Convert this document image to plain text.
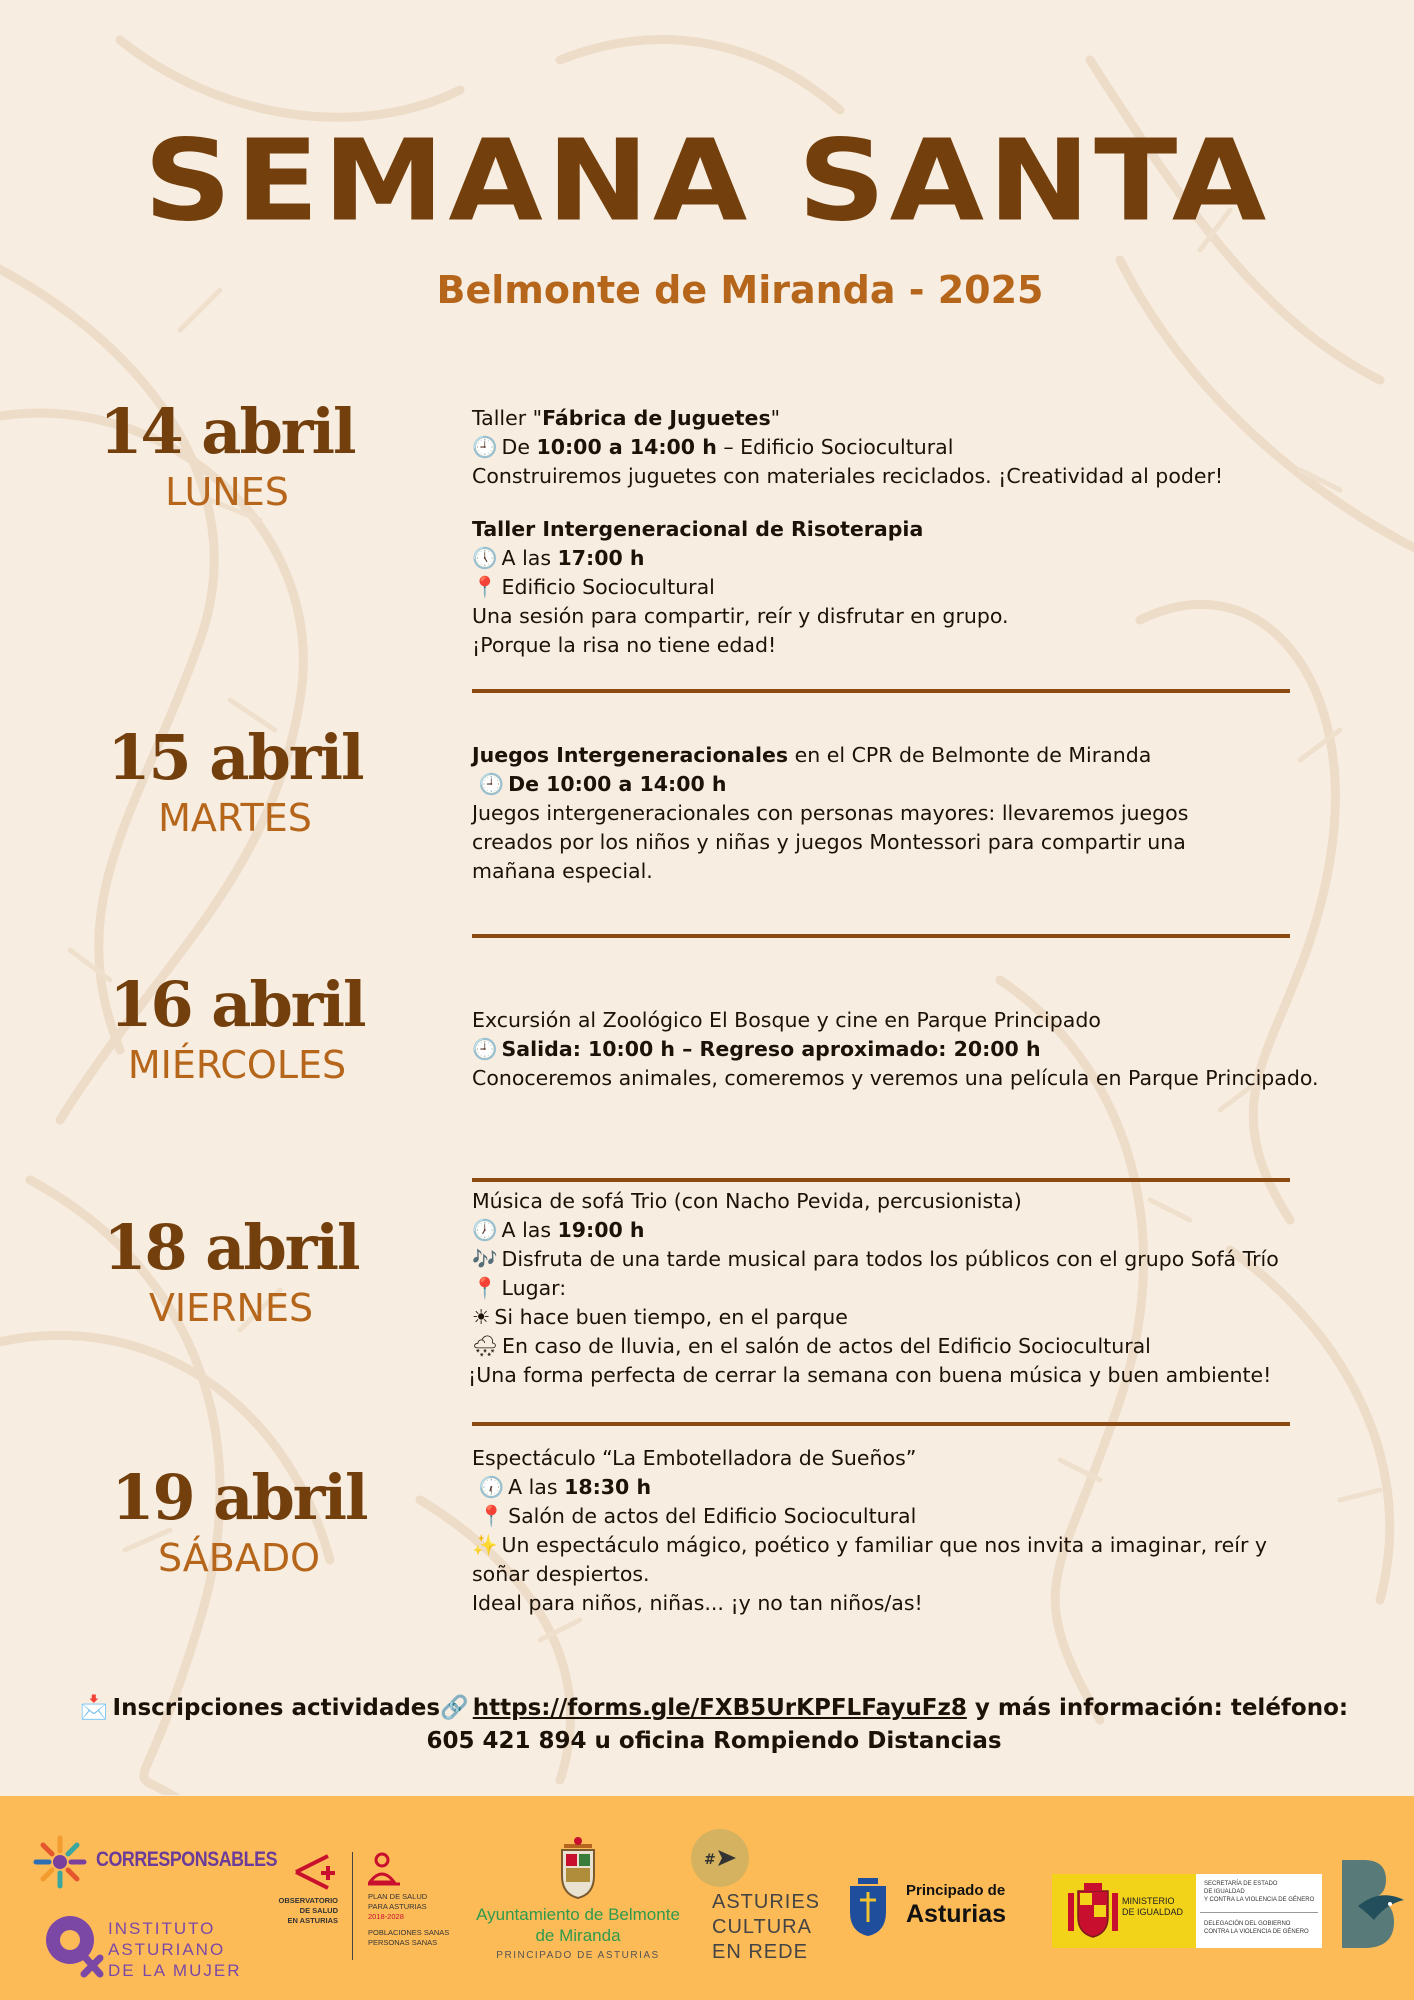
SEMANA SANTA
Belmonte de Miranda - 2025
14 abril
LUNES

Taller "Fábrica de Juguetes"

🕘 De 10:00 a 14:00 h – Edificio Sociocultural

Construiremos juguetes con materiales reciclados. ¡Creatividad al poder!

Taller Intergeneracional de Risoterapia

🕔 A las 17:00 h

📍 Edificio Sociocultural

Una sesión para compartir, reír y disfrutar en grupo.

¡Porque la risa no tiene edad!

15 abril
MARTES

Juegos Intergeneracionales en el CPR de Belmonte de Miranda

🕘 De 10:00 a 14:00 h

Juegos intergeneracionales con personas mayores: llevaremos juegos

creados por los niños y niñas y juegos Montessori para compartir una

mañana especial.

16 abril
MIÉRCOLES

Excursión al Zoológico El Bosque y cine en Parque Principado

🕘 Salida: 10:00 h – Regreso aproximado: 20:00 h

Conoceremos animales, comeremos y veremos una película en Parque Principado.

18 abril
VIERNES

Música de sofá Trio (con Nacho Pevida, percusionista)

🕖 A las 19:00 h

🎶 Disfruta de una tarde musical para todos los públicos con el grupo Sofá Trío

📍 Lugar:

☀ Si hace buen tiempo, en el parque

🌨 En caso de lluvia, en el salón de actos del Edificio Sociocultural

¡Una forma perfecta de cerrar la semana con buena música y buen ambiente!

19 abril
SÁBADO

Espectáculo “La Embotelladora de Sueños”

🕡 A las 18:30 h

📍 Salón de actos del Edificio Sociocultural

✨ Un espectáculo mágico, poético y familiar que nos invita a imaginar, reír y

soñar despiertos.

Ideal para niños, niñas... ¡y no tan niños/as!

📩 Inscripciones actividades🔗 https://forms.gle/FXB5UrKPFLFayuFz8 y más información: teléfono:
605 421 894 u oficina Rompiendo Distancias
CORRESPONSABLES
INSTITUTO
ASTURIANO
DE LA MUJER
OBSERVATORIO
DE SALUD
EN ASTURIAS
PLAN DE SALUD
PARA ASTURIAS
2018-2028
POBLACIONES SANAS
PERSONAS SANAS
Ayuntamiento de Belmonte
de Miranda
PRINCIPADO DE ASTURIAS
#
ASTURIES
CULTURA
EN REDE
Principado de
Asturias	MINISTERIO
DE IGUALDAD
SECRETARÍA DE ESTADO
DE IGUALDAD
Y CONTRA LA VIOLENCIA DE GÉNERO
DELEGACIÓN DEL GOBIERNO
CONTRA LA VIOLENCIA DE GÉNERO
